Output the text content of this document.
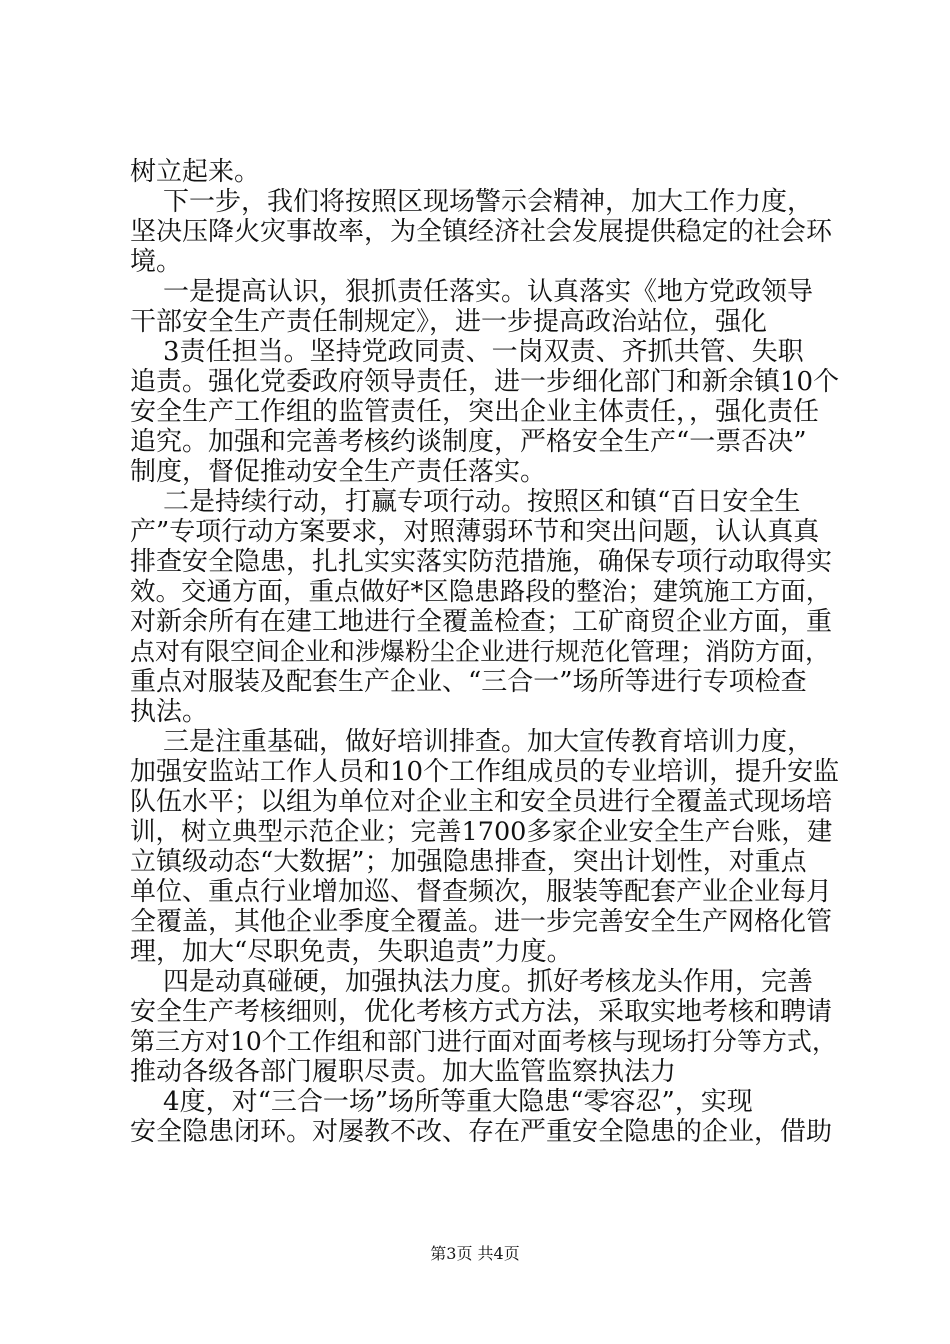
树立起来。
下一步，我们将按照区现场警示会精神，加大工作力度，
坚决压降火灾事故率，为全镇经济社会发展提供稳定的社会环
境。
一是提高认识，狠抓责任落实。认真落实《地方党政领导
干部安全生产责任制规定》，进一步提高政治站位，强化
3责任担当。坚持党政同责、一岗双责、齐抓共管、失职
追责。强化党委政府领导责任，进一步细化部门和新余镇10个
安全生产工作组的监管责任，突出企业主体责任，，强化责任
追究。加强和完善考核约谈制度，严格安全生产“一票否决”
制度，督促推动安全生产责任落实。
二是持续行动，打赢专项行动。按照区和镇“百日安全生
产”专项行动方案要求，对照薄弱环节和突出问题，认认真真
排查安全隐患，扎扎实实落实防范措施，确保专项行动取得实
效。交通方面，重点做好*区隐患路段的整治；建筑施工方面，
对新余所有在建工地进行全覆盖检查；工矿商贸企业方面，重
点对有限空间企业和涉爆粉尘企业进行规范化管理；消防方面，
重点对服装及配套生产企业、“三合一”场所等进行专项检查
执法。
三是注重基础，做好培训排查。加大宣传教育培训力度，
加强安监站工作人员和10个工作组成员的专业培训，提升安监
队伍水平；以组为单位对企业主和安全员进行全覆盖式现场培
训，树立典型示范企业；完善1700多家企业安全生产台账，建
立镇级动态“大数据”；加强隐患排查，突出计划性，对重点
单位、重点行业增加巡、督查频次，服装等配套产业企业每月
全覆盖，其他企业季度全覆盖。进一步完善安全生产网格化管
理，加大“尽职免责，失职追责”力度。
四是动真碰硬，加强执法力度。抓好考核龙头作用，完善
安全生产考核细则，优化考核方式方法，采取实地考核和聘请
第三方对10个工作组和部门进行面对面考核与现场打分等方式，
推动各级各部门履职尽责。加大监管监察执法力
4度，对“三合一场”场所等重大隐患“零容忍”，实现
安全隐患闭环。对屡教不改、存在严重安全隐患的企业，借助
第3页 共4页
